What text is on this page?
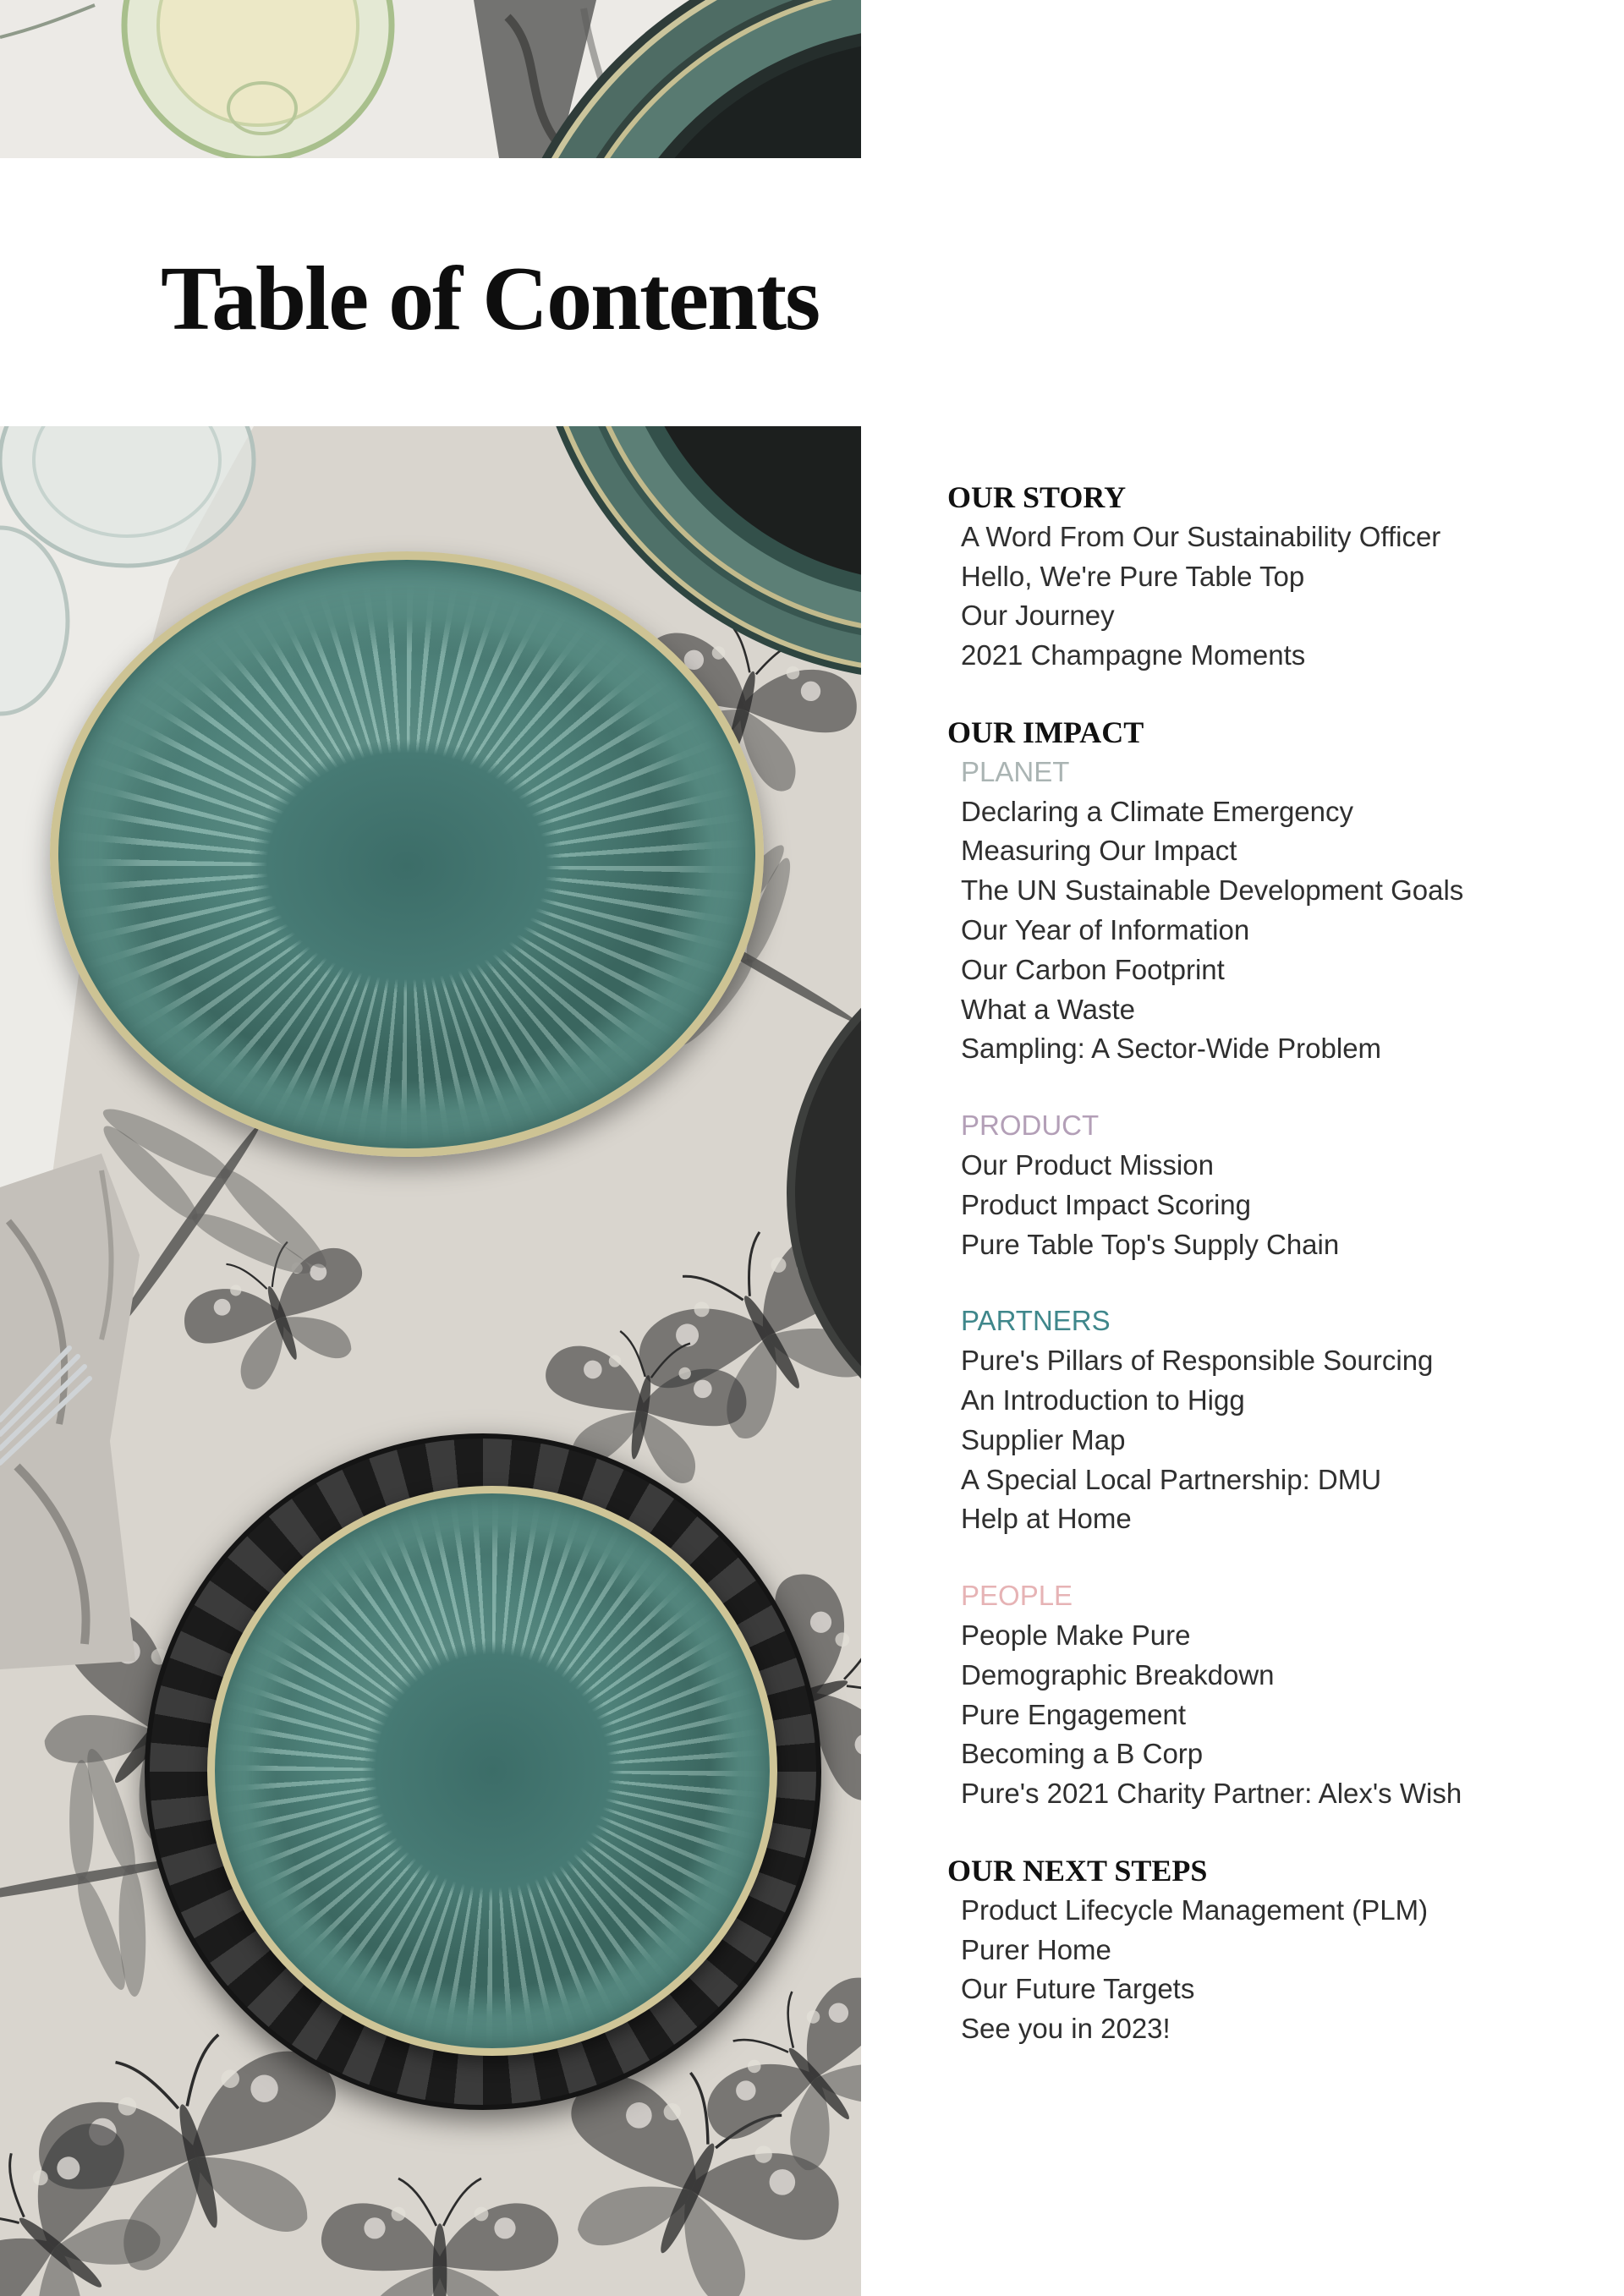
Table of Contents
OUR STORY
A Word From Our Sustainability Officer
Hello, We're Pure Table Top
Our Journey
2021 Champagne Moments
OUR IMPACT
PLANET
Declaring a Climate Emergency
Measuring Our Impact
The UN Sustainable Development Goals
Our Year of Information
Our Carbon Footprint
What a Waste
Sampling: A Sector-Wide Problem
PRODUCT
Our Product Mission
Product Impact Scoring
Pure Table Top's Supply Chain
PARTNERS
Pure's Pillars of Responsible Sourcing
An Introduction to Higg
Supplier Map
A Special Local Partnership: DMU
Help at Home
PEOPLE
People Make Pure
Demographic Breakdown
Pure Engagement
Becoming a B Corp
Pure's 2021 Charity Partner: Alex's Wish
OUR NEXT STEPS
Product Lifecycle Management (PLM)
Purer Home
Our Future Targets
See you in 2023!
